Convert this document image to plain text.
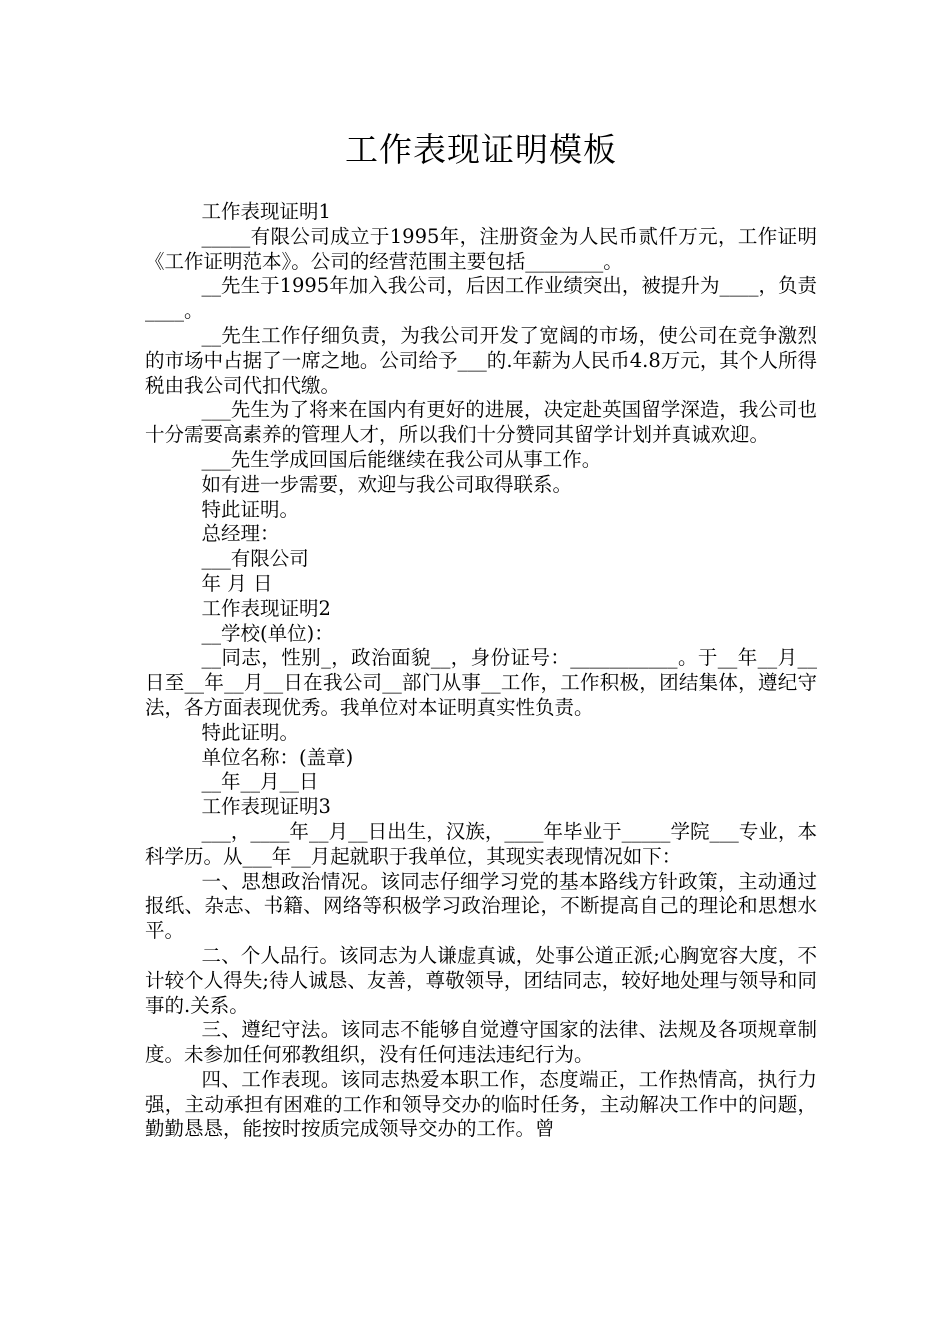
工作表现证明模板

工作表现证明1

_____有限公司成立于1995年，注册资金为人民币贰仟万元，工作证明《工作证明范本》。公司的经营范围主要包括________。

__先生于1995年加入我公司，后因工作业绩突出，被提升为____，负责____。

__先生工作仔细负责，为我公司开发了宽阔的市场，使公司在竞争激烈的市场中占据了一席之地。公司给予___的.年薪为人民币4.8万元，其个人所得税由我公司代扣代缴。

___先生为了将来在国内有更好的进展，决定赴英国留学深造，我公司也十分需要高素养的管理人才，所以我们十分赞同其留学计划并真诚欢迎。

___先生学成回国后能继续在我公司从事工作。

如有进一步需要，欢迎与我公司取得联系。

特此证明。

总经理：

___有限公司

年 月 日

工作表现证明2

__学校(单位)：

__同志，性别_，政治面貌__，身份证号：___________。于__年__月__日至__年__月__日在我公司__部门从事__工作，工作积极，团结集体，遵纪守法，各方面表现优秀。我单位对本证明真实性负责。

特此证明。

单位名称：(盖章)

__年__月__日

工作表现证明3

___，____年__月__日出生，汉族，____年毕业于_____学院___专业，本科学历。从___年__月起就职于我单位，其现实表现情况如下：

一、思想政治情况。该同志仔细学习党的基本路线方针政策，主动通过报纸、杂志、书籍、网络等积极学习政治理论，不断提高自己的理论和思想水平。

二、个人品行。该同志为人谦虚真诚，处事公道正派;心胸宽容大度，不计较个人得失;待人诚恳、友善，尊敬领导，团结同志，较好地处理与领导和同事的.关系。

三、遵纪守法。该同志不能够自觉遵守国家的法律、法规及各项规章制度。未参加任何邪教组织，没有任何违法违纪行为。

四、工作表现。该同志热爱本职工作，态度端正，工作热情高，执行力强，主动承担有困难的工作和领导交办的临时任务，主动解决工作中的问题，勤勤恳恳，能按时按质完成领导交办的工作。曾
